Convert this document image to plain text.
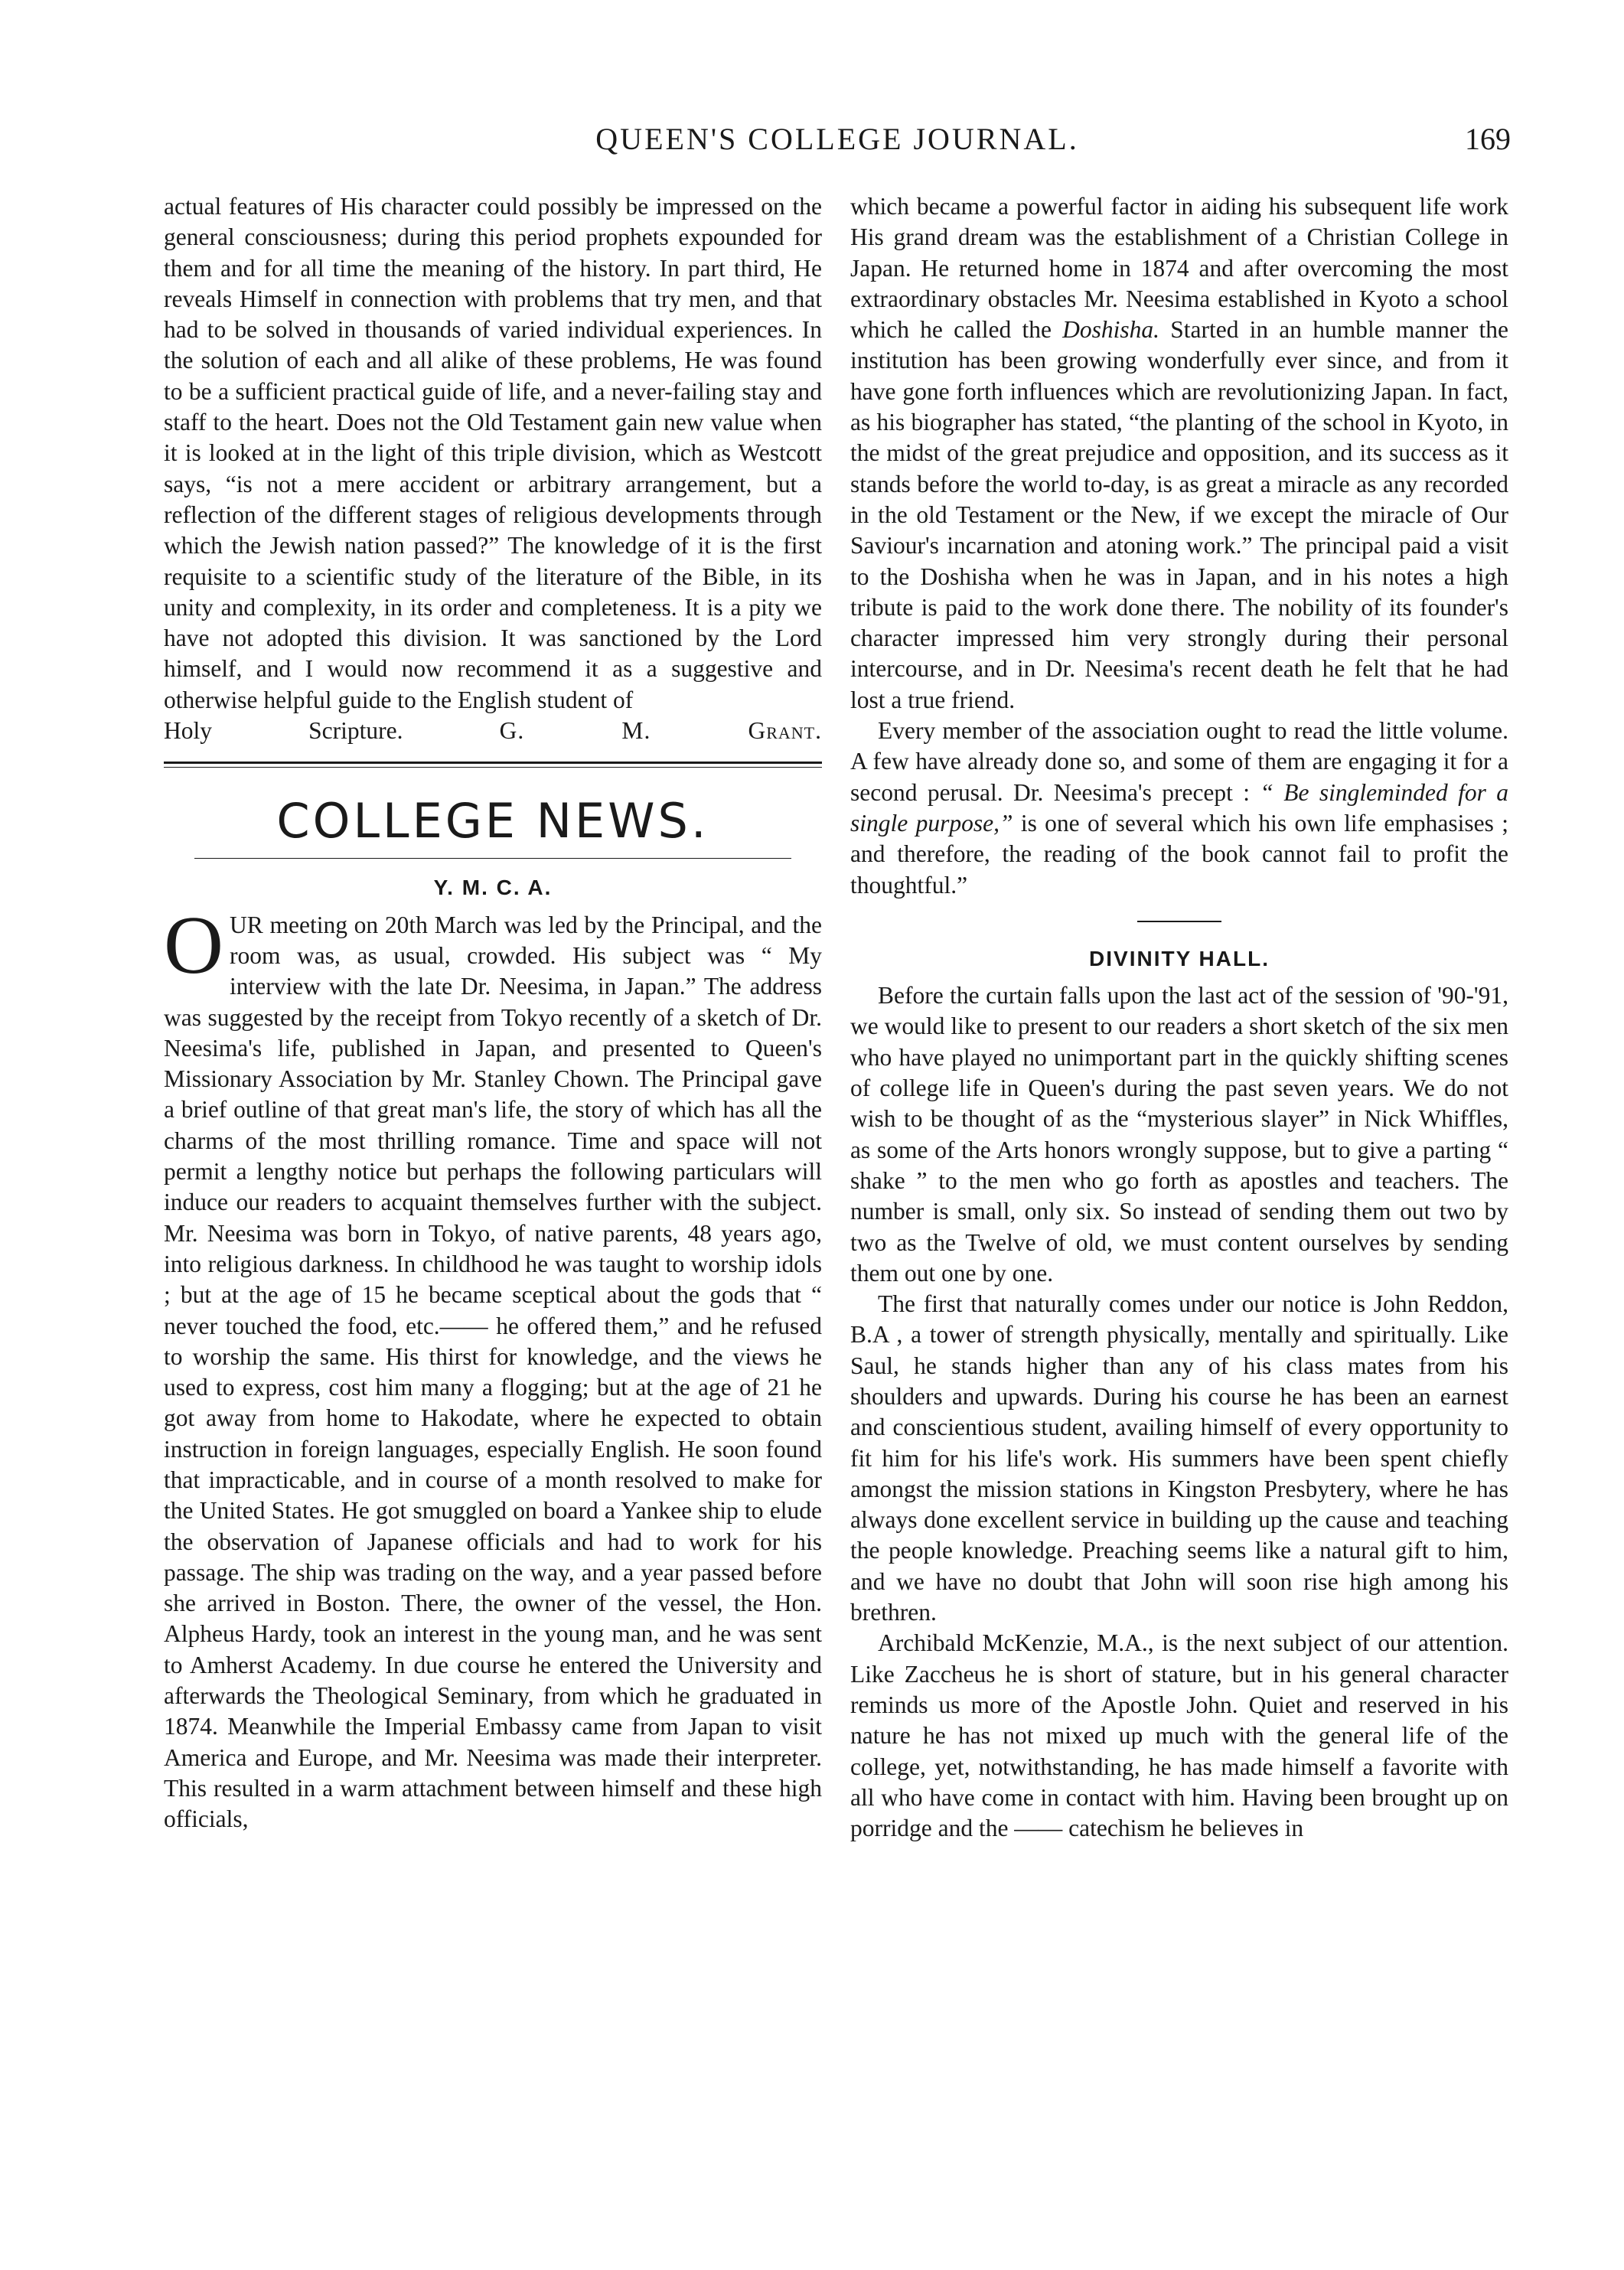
QUEEN'S COLLEGE JOURNAL.	169

actual features of His character could possibly be impressed on the general consciousness; during this period prophets expounded for them and for all time the meaning of the history. In part third, He reveals Himself in connection with problems that try men, and that had to be solved in thousands of varied individual experiences. In the solution of each and all alike of these problems, He was found to be a sufficient practical guide of life, and a never-failing stay and staff to the heart. Does not the Old Testament gain new value when it is looked at in the light of this triple division, which as Westcott says, “is not a mere accident or arbitrary arrangement, but a reflection of the different stages of religious developments through which the Jewish nation passed?” The knowledge of it is the first requisite to a scientific study of the literature of the Bible, in its unity and complexity, in its order and completeness. It is a pity we have not adopted this division. It was sanctioned by the Lord himself, and I would now recommend it as a suggestive and otherwise helpful guide to the English student of

Holy Scripture.	G. M. Grant.

COLLEGE NEWS.
Y. M. C. A.

OUR meeting on 20th March was led by the Principal, and the room was, as usual, crowded. His subject was “ My interview with the late Dr. Neesima, in Japan.” The address was suggested by the receipt from Tokyo recently of a sketch of Dr. Neesima's life, published in Japan, and presented to Queen's Missionary Association by Mr. Stanley Chown. The Principal gave a brief outline of that great man's life, the story of which has all the charms of the most thrilling romance. Time and space will not permit a lengthy notice but perhaps the following particulars will induce our readers to acquaint themselves further with the subject. Mr. Neesima was born in Tokyo, of native parents, 48 years ago, into religious darkness. In childhood he was taught to worship idols ; but at the age of 15 he became sceptical about the gods that “ never touched the food, etc.—— he offered them,” and he refused to worship the same. His thirst for knowledge, and the views he used to express, cost him many a flogging; but at the age of 21 he got away from home to Hakodate, where he expected to obtain instruction in foreign languages, especially English. He soon found that impracticable, and in course of a month resolved to make for the United States. He got smuggled on board a Yankee ship to elude the observation of Japanese officials and had to work for his passage. The ship was trading on the way, and a year passed before she arrived in Boston. There, the owner of the vessel, the Hon. Alpheus Hardy, took an interest in the young man, and he was sent to Amherst Academy. In due course he entered the University and afterwards the Theological Seminary, from which he graduated in 1874. Meanwhile the Imperial Embassy came from Japan to visit America and Europe, and Mr. Neesima was made their interpreter. This resulted in a warm attachment between himself and these high officials,

which became a powerful factor in aiding his subsequent life work His grand dream was the establishment of a Christian College in Japan. He returned home in 1874 and after overcoming the most extraordinary obstacles Mr. Neesima established in Kyoto a school which he called the Doshisha. Started in an humble manner the institution has been growing wonderfully ever since, and from it have gone forth influences which are revolutionizing Japan. In fact, as his biographer has stated, “the planting of the school in Kyoto, in the midst of the great prejudice and opposition, and its success as it stands before the world to-day, is as great a miracle as any recorded in the old Testament or the New, if we except the miracle of Our Saviour's incarnation and atoning work.” The principal paid a visit to the Doshisha when he was in Japan, and in his notes a high tribute is paid to the work done there. The nobility of its founder's character impressed him very strongly during their personal intercourse, and in Dr. Neesima's recent death he felt that he had lost a true friend.

Every member of the association ought to read the little volume. A few have already done so, and some of them are engaging it for a second perusal. Dr. Neesima's precept : “ Be singleminded for a single purpose,” is one of several which his own life emphasises ; and therefore, the reading of the book cannot fail to profit the thoughtful.”

DIVINITY HALL.

Before the curtain falls upon the last act of the session of '90-'91, we would like to present to our readers a short sketch of the six men who have played no unimportant part in the quickly shifting scenes of college life in Queen's during the past seven years. We do not wish to be thought of as the “mysterious slayer” in Nick Whiffles, as some of the Arts honors wrongly suppose, but to give a parting “ shake ” to the men who go forth as apostles and teachers. The number is small, only six. So instead of sending them out two by two as the Twelve of old, we must content ourselves by sending them out one by one.

The first that naturally comes under our notice is John Reddon, B.A , a tower of strength physically, mentally and spiritually. Like Saul, he stands higher than any of his class mates from his shoulders and upwards. During his course he has been an earnest and conscientious student, availing himself of every opportunity to fit him for his life's work. His summers have been spent chiefly amongst the mission stations in Kingston Presbytery, where he has always done excellent service in building up the cause and teaching the people knowledge. Preaching seems like a natural gift to him, and we have no doubt that John will soon rise high among his brethren.

Archibald McKenzie, M.A., is the next subject of our attention. Like Zaccheus he is short of stature, but in his general character reminds us more of the Apostle John. Quiet and reserved in his nature he has not mixed up much with the general life of the college, yet, notwithstanding, he has made himself a favorite with all who have come in contact with him. Having been brought up on porridge and the —— catechism he believes in
